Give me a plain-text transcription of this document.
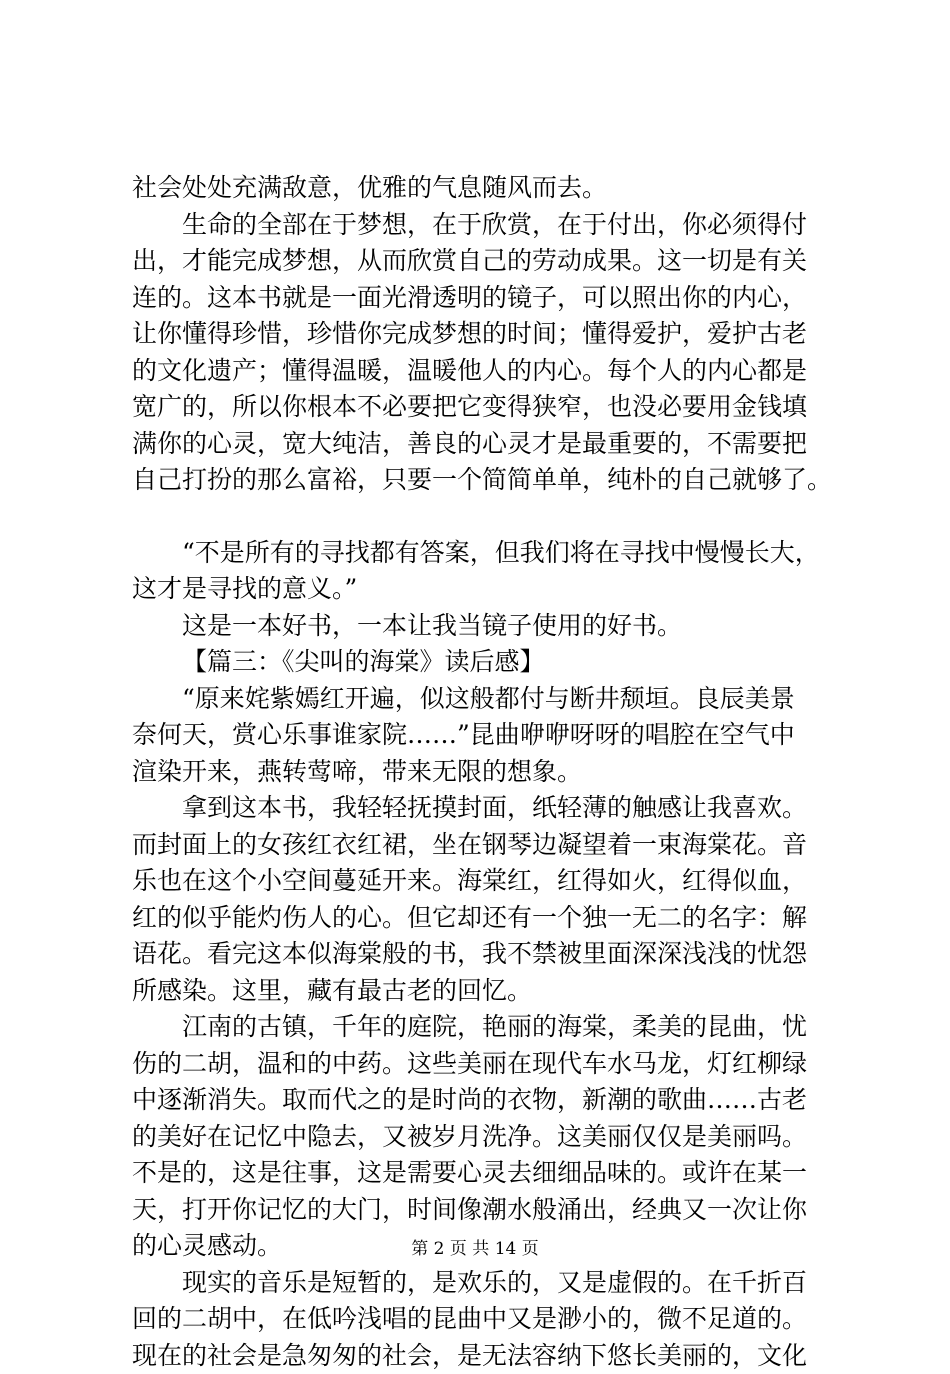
社会处处充满敌意，优雅的气息随风而去。
生命的全部在于梦想，在于欣赏，在于付出，你必须得付
出，才能完成梦想，从而欣赏自己的劳动成果。这一切是有关
连的。这本书就是一面光滑透明的镜子，可以照出你的内心，
让你懂得珍惜，珍惜你完成梦想的时间；懂得爱护，爱护古老
的文化遗产；懂得温暖，温暖他人的内心。每个人的内心都是
宽广的，所以你根本不必要把它变得狭窄，也没必要用金钱填
满你的心灵，宽大纯洁，善良的心灵才是最重要的，不需要把
自己打扮的那么富裕，只要一个简简单单，纯朴的自己就够了。
“不是所有的寻找都有答案，但我们将在寻找中慢慢长大，
这才是寻找的意义。”
这是一本好书，一本让我当镜子使用的好书。
【篇三：《尖叫的海棠》读后感】
“原来姹紫嫣红开遍，似这般都付与断井颓垣。良辰美景
奈何天，赏心乐事谁家院……”昆曲咿咿呀呀的唱腔在空气中
渲染开来，燕转莺啼，带来无限的想象。
拿到这本书，我轻轻抚摸封面，纸轻薄的触感让我喜欢。
而封面上的女孩红衣红裙，坐在钢琴边凝望着一束海棠花。音
乐也在这个小空间蔓延开来。海棠红，红得如火，红得似血，
红的似乎能灼伤人的心。但它却还有一个独一无二的名字：解
语花。看完这本似海棠般的书，我不禁被里面深深浅浅的忧怨
所感染。这里，藏有最古老的回忆。
江南的古镇，千年的庭院，艳丽的海棠，柔美的昆曲，忧
伤的二胡，温和的中药。这些美丽在现代车水马龙，灯红柳绿
中逐渐消失。取而代之的是时尚的衣物，新潮的歌曲……古老
的美好在记忆中隐去，又被岁月洗净。这美丽仅仅是美丽吗。
不是的，这是往事，这是需要心灵去细细品味的。或许在某一
天，打开你记忆的大门，时间像潮水般涌出，经典又一次让你
的心灵感动。
现实的音乐是短暂的，是欢乐的，又是虚假的。在千折百
回的二胡中，在低吟浅唱的昆曲中又是渺小的，微不足道的。
现在的社会是急匆匆的社会，是无法容纳下悠长美丽的，文化
第 2 页 共 14 页
